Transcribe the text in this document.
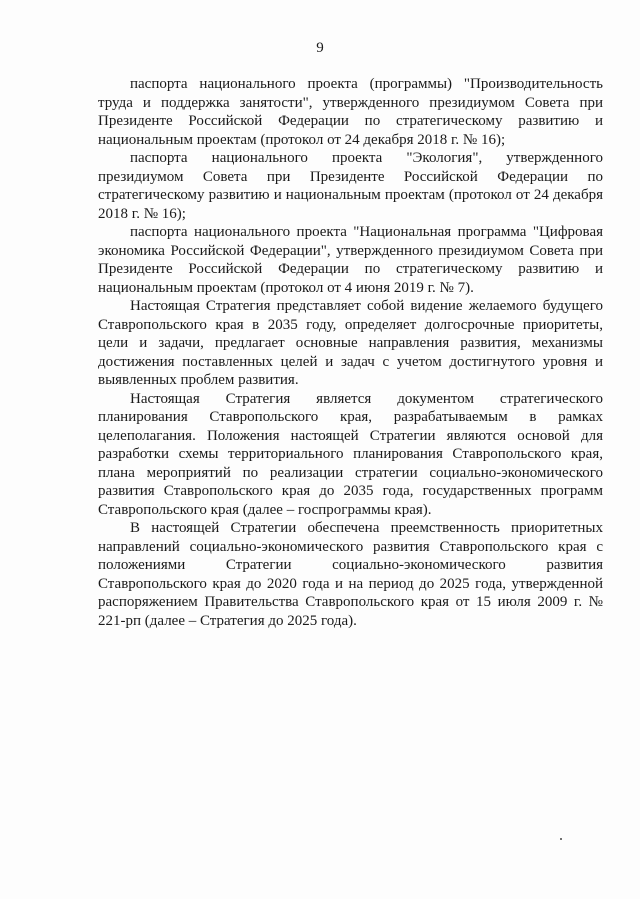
9

паспорта национального проекта (программы) "Производительность труда и поддержка занятости", утвержденного президиумом Совета при Президенте Российской Федерации по стратегическому развитию и национальным проектам (протокол от 24 декабря 2018 г. № 16);

паспорта национального проекта "Экология", утвержденного президиумом Совета при Президенте Российской Федерации по стратегическому развитию и национальным проектам (протокол от 24 декабря 2018 г. № 16);

паспорта национального проекта "Национальная программа "Цифровая экономика Российской Федерации", утвержденного президиумом Совета при Президенте Российской Федерации по стратегическому развитию и национальным проектам (протокол от 4 июня 2019 г. № 7).

Настоящая Стратегия представляет собой видение желаемого будущего Ставропольского края в 2035 году, определяет долгосрочные приоритеты, цели и задачи, предлагает основные направления развития, механизмы достижения поставленных целей и задач с учетом достигнутого уровня и выявленных проблем развития.

Настоящая Стратегия является документом стратегического планирования Ставропольского края, разрабатываемым в рамках целеполагания. Положения настоящей Стратегии являются основой для разработки схемы территориального планирования Ставропольского края, плана мероприятий по реализации стратегии социально-экономического развития Ставропольского края до 2035 года, государственных программ Ставропольского края (далее – госпрограммы края).

В настоящей Стратегии обеспечена преемственность приоритетных направлений социально-экономического развития Ставропольского края с положениями Стратегии социально-экономического развития Ставропольского края до 2020 года и на период до 2025 года, утвержденной распоряжением Правительства Ставропольского края от 15 июля 2009 г. № 221-рп (далее – Стратегия до 2025 года).
